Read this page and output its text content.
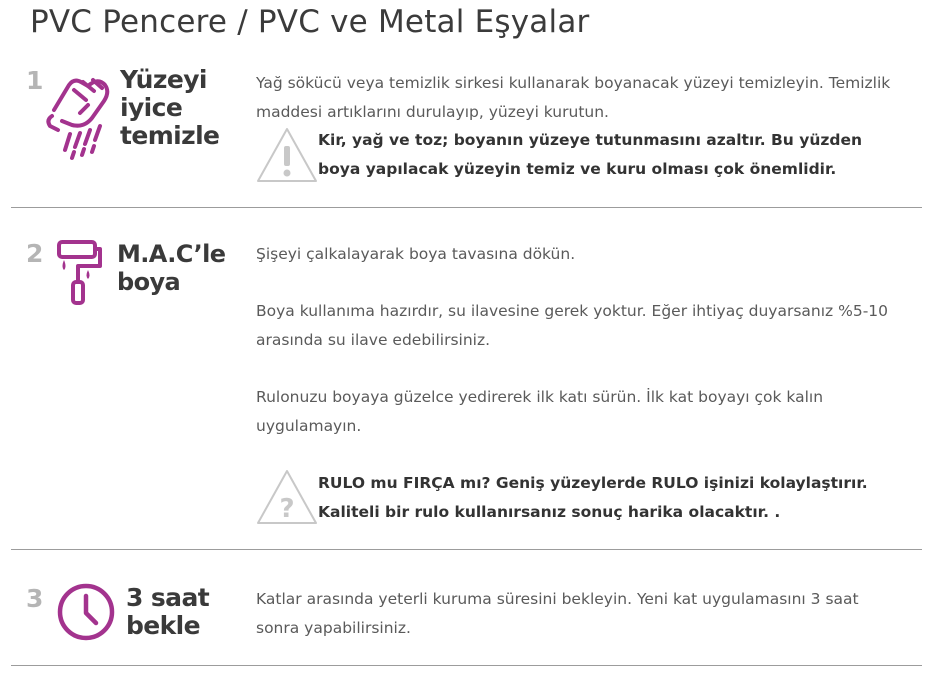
PVC Pencere / PVC ve Metal Eşyalar
1	Yüzeyi
iyice
temizle

Yağ sökücü veya temizlik sirkesi kullanarak boyanacak yüzeyi temizleyin. Temizlik maddesi artıklarını durulayıp, yüzeyi kurutun.

Kir, yağ ve toz; boyanın yüzeye tutunmasını azaltır. Bu yüzden boya yapılacak yüzeyin temiz ve kuru olması çok önemlidir.

2	M.A.C’le
boya

Şişeyi çalkalayarak boya tavasına dökün.

Boya kullanıma hazırdır, su ilavesine gerek yoktur. Eğer ihtiyaç duyarsanız %5-10 arasında su ilave edebilirsiniz.

Rulonuzu boyaya güzelce yedirerek ilk katı sürün. İlk kat boyayı çok kalın uygulamayın.

?

RULO mu FIRÇA mı? Geniş yüzeylerde RULO işinizi kolaylaştırır. Kaliteli bir rulo kullanırsanız sonuç harika olacaktır. .

3	3 saat
bekle

Katlar arasında yeterli kuruma süresini bekleyin. Yeni kat uygulamasını 3 saat sonra yapabilirsiniz.
